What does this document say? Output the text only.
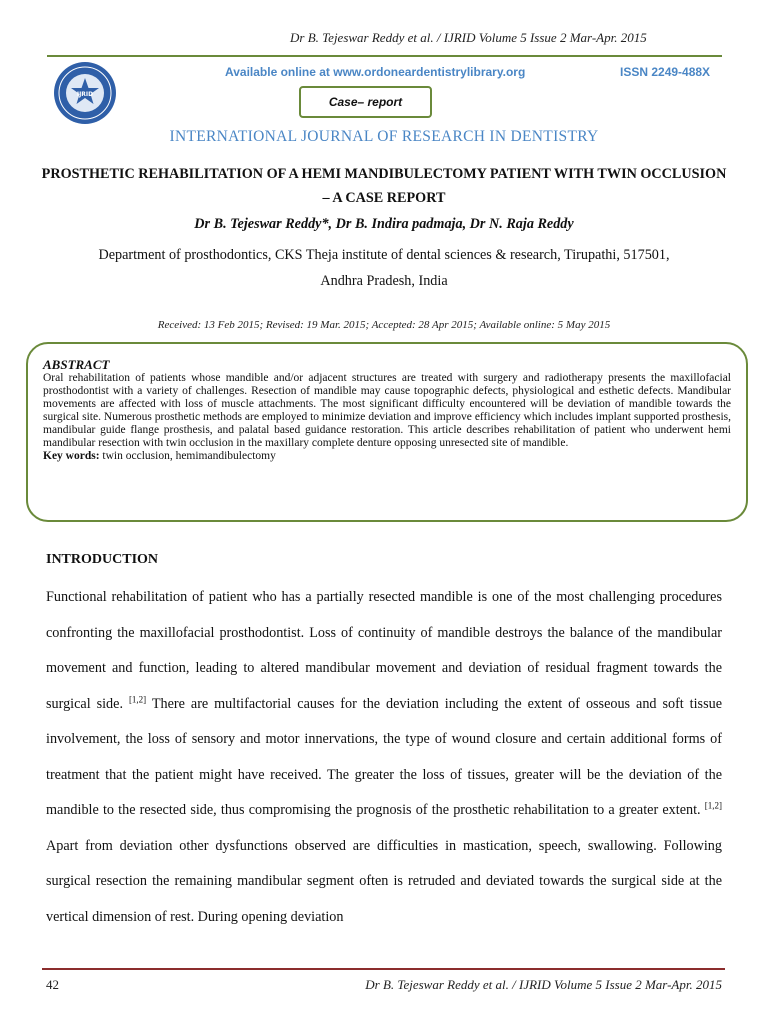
Dr B. Tejeswar Reddy et al. / IJRID Volume 5 Issue 2 Mar-Apr. 2015
IJRID
Available online at www.ordoneardentistrylibrary.org	ISSN 2249-488X
Case– report
INTERNATIONAL JOURNAL OF RESEARCH IN DENTISTRY
PROSTHETIC REHABILITATION OF A HEMI MANDIBULECTOMY PATIENT WITH TWIN OCCLUSION – A CASE REPORT
Dr B. Tejeswar Reddy*, Dr B. Indira padmaja, Dr N. Raja Reddy
Department of prosthodontics, CKS Theja institute of dental sciences & research, Tirupathi, 517501,
Andhra Pradesh, India
Received: 13 Feb 2015; Revised: 19 Mar. 2015; Accepted: 28 Apr 2015; Available online: 5 May 2015
ABSTRACT
Oral rehabilitation of patients whose mandible and/or adjacent structures are treated with surgery and radiotherapy presents the maxillofacial prosthodontist with a variety of challenges. Resection of mandible may cause topographic defects, physiological and esthetic defects. Mandibular movements are affected with loss of muscle attachments. The most significant difficulty encountered will be deviation of mandible towards the surgical site. Numerous prosthetic methods are employed to minimize deviation and improve efficiency which includes implant supported prosthesis, mandibular guide flange prosthesis, and palatal based guidance restoration. This article describes rehabilitation of patient who underwent hemi mandibular resection with twin occlusion in the maxillary complete denture opposing unresected site of mandible.
Key words: twin occlusion, hemimandibulectomy
INTRODUCTION
Functional rehabilitation of patient who has a partially resected mandible is one of the most challenging procedures confronting the maxillofacial prosthodontist. Loss of continuity of mandible destroys the balance of the mandibular movement and function, leading to altered mandibular movement and deviation of residual fragment towards the surgical side. [1,2] There are multifactorial causes for the deviation including the extent of osseous and soft tissue involvement, the loss of sensory and motor innervations, the type of wound closure and certain additional forms of treatment that the patient might have received. The greater the loss of tissues, greater will be the deviation of the mandible to the resected side, thus compromising the prognosis of the prosthetic rehabilitation to a greater extent. [1,2] Apart from deviation other dysfunctions observed are difficulties in mastication, speech, swallowing. Following surgical resection the remaining mandibular segment often is retruded and deviated towards the surgical side at the vertical dimension of rest. During opening deviation
42	Dr B. Tejeswar Reddy et al. / IJRID Volume 5 Issue 2 Mar-Apr. 2015
